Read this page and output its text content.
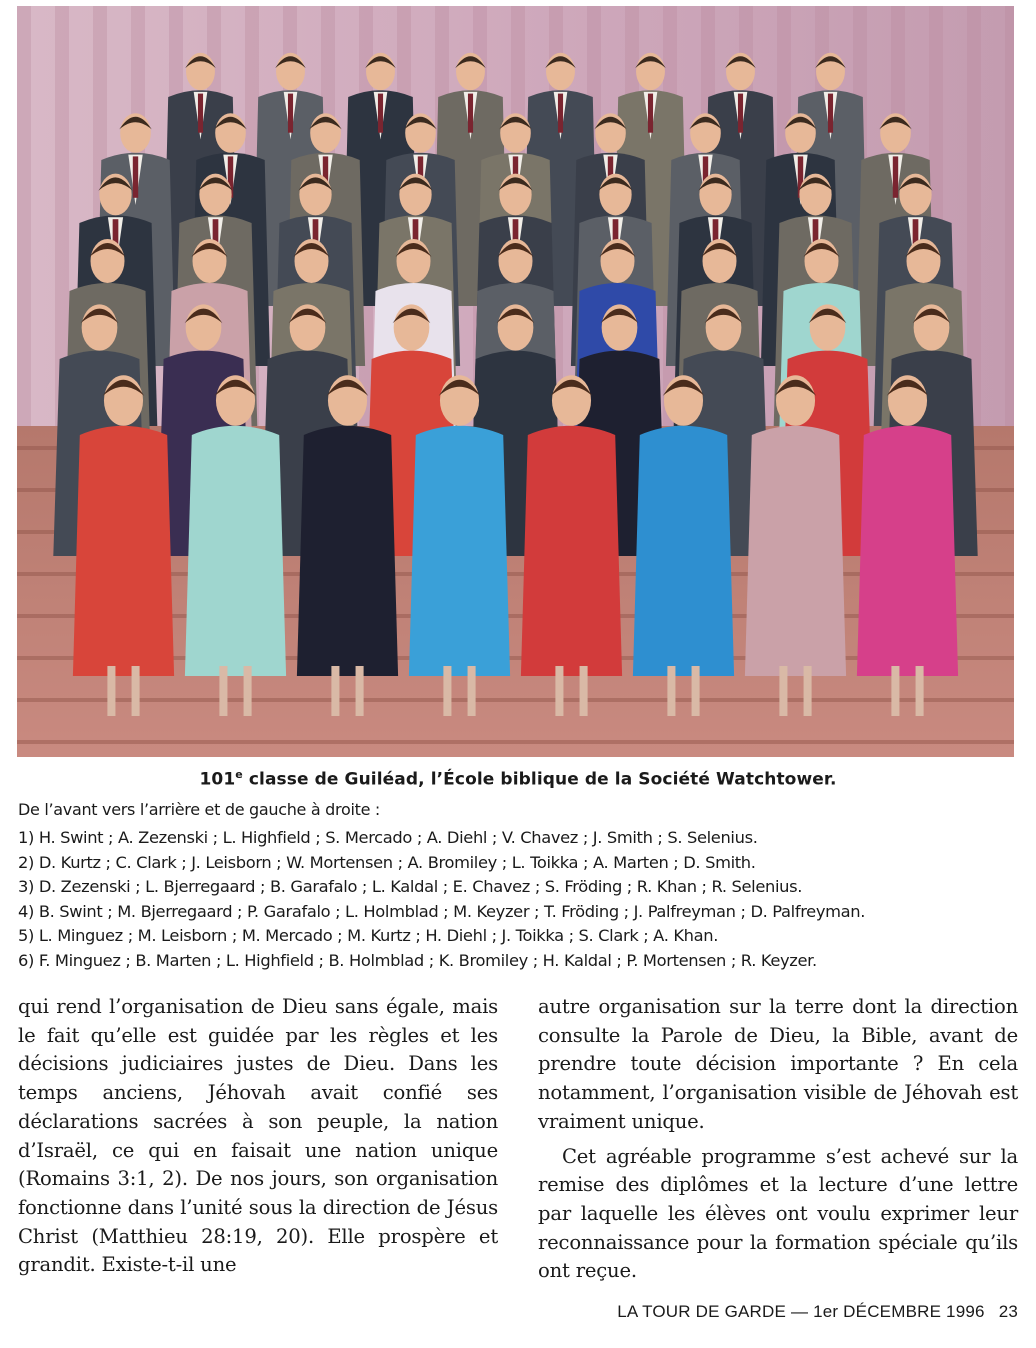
101e classe de Guiléad, l’École biblique de la Société Watchtower.
De l’avant vers l’arrière et de gauche à droite :
1) H. Swint ; A. Zezenski ; L. Highfield ; S. Mercado ; A. Diehl ; V. Chavez ; J. Smith ; S. Selenius.
2) D. Kurtz ; C. Clark ; J. Leisborn ; W. Mortensen ; A. Bromiley ; L. Toikka ; A. Marten ; D. Smith.
3) D. Zezenski ; L. Bjerregaard ; B. Garafalo ; L. Kaldal ; E. Chavez ; S. Fröding ; R. Khan ; R. Selenius.
4) B. Swint ; M. Bjerregaard ; P. Garafalo ; L. Holmblad ; M. Keyzer ; T. Fröding ; J. Palfreyman ; D. Palfreyman.
5) L. Minguez ; M. Leisborn ; M. Mercado ; M. Kurtz ; H. Diehl ; J. Toikka ; S. Clark ; A. Khan.
6) F. Minguez ; B. Marten ; L. Highfield ; B. Holmblad ; K. Bromiley ; H. Kaldal ; P. Mortensen ; R. Keyzer.

qui rend l’organisation de Dieu sans égale, mais le fait qu’elle est guidée par les règles et les décisions judiciaires justes de Dieu. Dans les temps anciens, Jéhovah avait confié ses déclarations sacrées à son peuple, la nation d’Israël, ce qui en faisait une nation unique (Romains 3:1, 2). De nos jours, son organisation fonctionne dans l’unité sous la direction de Jésus Christ (Matthieu 28:19, 20). Elle prospère et grandit. Existe-t-il une

autre organisation sur la terre dont la direction consulte la Parole de Dieu, la Bible, avant de prendre toute décision importante ? En cela notamment, l’organisation visible de Jéhovah est vraiment unique.

Cet agréable programme s’est achevé sur la remise des diplômes et la lecture d’une lettre par laquelle les élèves ont voulu exprimer leur reconnaissance pour la formation spéciale qu’ils ont reçue.

LA TOUR DE GARDE — 1er DÉCEMBRE 1996 23
